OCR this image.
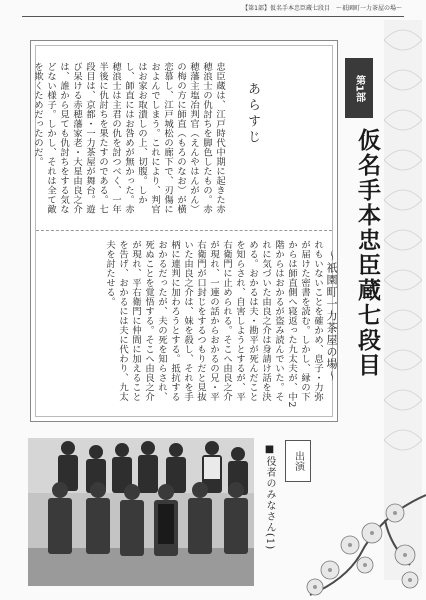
【第1部】仮名手本忠臣蔵七段目　〜祇園町一力茶屋の場〜
あらすじ
忠臣蔵は、江戸時代中期に起きた赤穂浪士の仇討ちを脚色したもの。赤穂藩主塩冶判官（えんやはんがん）の梅の方に師直（もろのなお）が横恋慕し、江戸城松の廊下で、刃傷におよんでしまう。これにより、判官はお家お取潰しの上、切腹。しかし、師直にはお咎めが無かった。赤穂浪士は主君の仇を討つべく、一年半後に仇討ちを果たすのである。七段目は、京都・一力茶屋が舞台。遊び呆ける赤穂藩家老・大星由良之介は、誰から見ても仇討ちをする気などない様子。しかし、それは全て敵を欺くためだったのだ。
れもいないことを確かめ、息子・力弥が届けた密書を読む。しかし、縁の下からは師直側へ寝返った九太夫が、中2階からはおかるが盗み読んでいた。それに気づいた由良之介は身請け話を決める。おかるは夫・勘平が死んだことを知らされ、自害しようとするが、平右衛門に止められる。そこへ由良之介が現れ、一連の話からおかるの兄・平右衛門が口封じをするつもりだと見抜いた由良之介は、妹を殺し、それを手柄に連判に加わろうとする。抵抗するおかるだったが、夫の死を知らされ、死ぬことを覚悟する。そこへ由良之介が現れ、平右衛門に仲間に加えることを告げ、おかるには夫に代わり、九太夫を討たせる。
第1部
仮名手本忠臣蔵七段目
〜祇園町一力茶屋の場〜
出演
■役者のみなさん(1)
